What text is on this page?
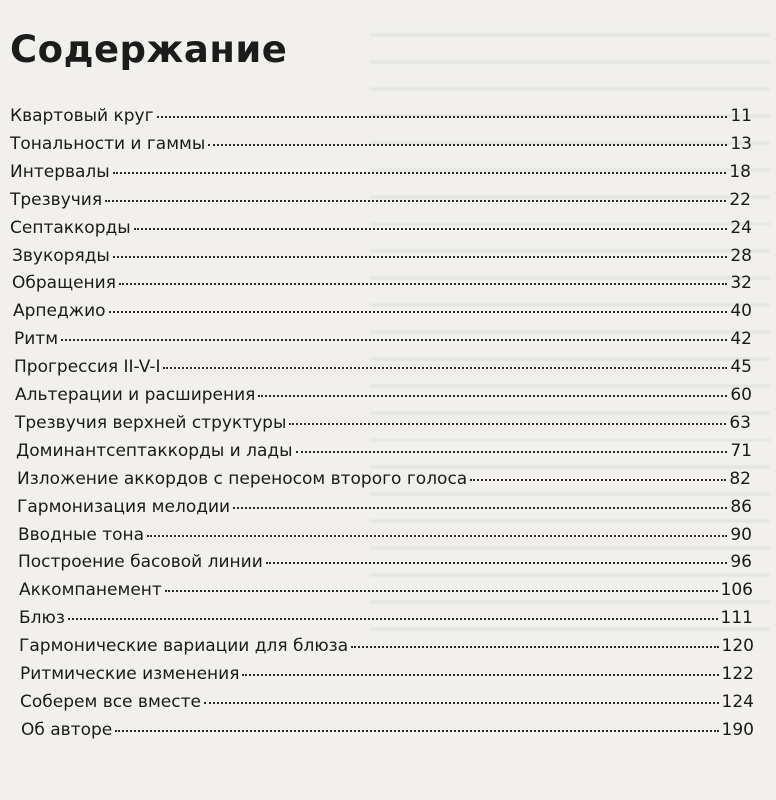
Содержание
Квартовый круг	11
Тональности и гаммы	13
Интервалы	18
Трезвучия	22
Септаккорды	24
Звукоряды	28
Обращения	32
Арпеджио	40
Ритм	42
Прогрессия II-V-I	45
Альтерации и расширения	60
Трезвучия верхней структуры	63
Доминантсептаккорды и лады	71
Изложение аккордов с переносом второго голоса	82
Гармонизация мелодии	86
Вводные тона	90
Построение басовой линии	96
Аккомпанемент	106
Блюз	111
Гармонические вариации для блюза	120
Ритмические изменения	122
Соберем все вместе	124
Об авторе	190
